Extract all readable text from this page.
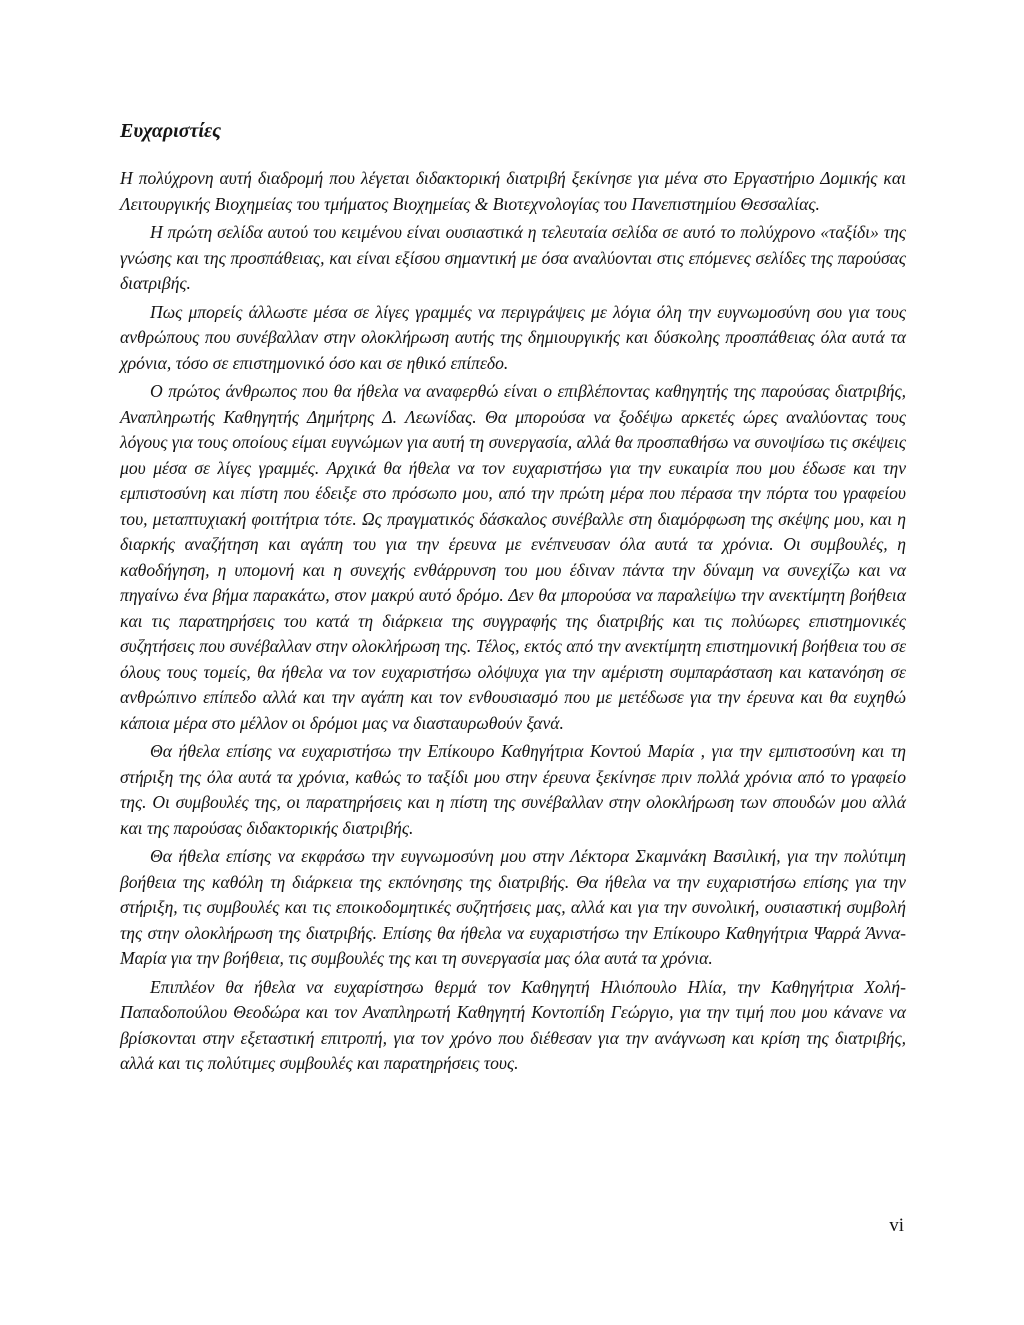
Ευχαριστίες

Η πολύχρονη αυτή διαδρομή που λέγεται διδακτορική διατριβή ξεκίνησε για μένα στο Εργαστήριο Δομικής και Λειτουργικής Βιοχημείας του τμήματος Βιοχημείας & Βιοτεχνολογίας του Πανεπιστημίου Θεσσαλίας.

Η πρώτη σελίδα αυτού του κειμένου είναι ουσιαστικά η τελευταία σελίδα σε αυτό το πολύχρονο «ταξίδι» της γνώσης και της προσπάθειας, και είναι εξίσου σημαντική με όσα αναλύονται στις επόμενες σελίδες της παρούσας διατριβής.

Πως μπορείς άλλωστε μέσα σε λίγες γραμμές να περιγράψεις με λόγια όλη την ευγνωμοσύνη σου για τους ανθρώπους που συνέβαλλαν στην ολοκλήρωση αυτής της δημιουργικής και δύσκολης προσπάθειας όλα αυτά τα χρόνια, τόσο σε επιστημονικό όσο και σε ηθικό επίπεδο.

Ο πρώτος άνθρωπος που θα ήθελα να αναφερθώ είναι ο επιβλέποντας καθηγητής της παρούσας διατριβής, Αναπληρωτής Καθηγητής Δημήτρης Δ. Λεωνίδας. Θα μπορούσα να ξοδέψω αρκετές ώρες αναλύοντας τους λόγους για τους οποίους είμαι ευγνώμων για αυτή τη συνεργασία, αλλά θα προσπαθήσω να συνοψίσω τις σκέψεις μου μέσα σε λίγες γραμμές. Αρχικά θα ήθελα να τον ευχαριστήσω για την ευκαιρία που μου έδωσε και την εμπιστοσύνη και πίστη που έδειξε στο πρόσωπο μου, από την πρώτη μέρα που πέρασα την πόρτα του γραφείου του, μεταπτυχιακή φοιτήτρια τότε. Ως πραγματικός δάσκαλος συνέβαλλε στη διαμόρφωση της σκέψης μου, και η διαρκής αναζήτηση και αγάπη του για την έρευνα με ενέπνευσαν όλα αυτά τα χρόνια. Οι συμβουλές, η καθοδήγηση, η υπομονή και η συνεχής ενθάρρυνση του μου έδιναν πάντα την δύναμη να συνεχίζω και να πηγαίνω ένα βήμα παρακάτω, στον μακρύ αυτό δρόμο. Δεν θα μπορούσα να παραλείψω την ανεκτίμητη βοήθεια και τις παρατηρήσεις του κατά τη διάρκεια της συγγραφής της διατριβής και τις πολύωρες επιστημονικές συζητήσεις που συνέβαλλαν στην ολοκλήρωση της. Τέλος, εκτός από την ανεκτίμητη επιστημονική βοήθεια του σε όλους τους τομείς, θα ήθελα να τον ευχαριστήσω ολόψυχα για την αμέριστη συμπαράσταση και κατανόηση σε ανθρώπινο επίπεδο αλλά και την αγάπη και τον ενθουσιασμό που με μετέδωσε για την έρευνα και θα ευχηθώ κάποια μέρα στο μέλλον οι δρόμοι μας να διασταυρωθούν ξανά.

Θα ήθελα επίσης να ευχαριστήσω την Επίκουρο Καθηγήτρια Κοντού Μαρία , για την εμπιστοσύνη και τη στήριξη της όλα αυτά τα χρόνια, καθώς το ταξίδι μου στην έρευνα ξεκίνησε πριν πολλά χρόνια από το γραφείο της. Οι συμβουλές της, οι παρατηρήσεις και η πίστη της συνέβαλλαν στην ολοκλήρωση των σπουδών μου αλλά και της παρούσας διδακτορικής διατριβής.

Θα ήθελα επίσης να εκφράσω την ευγνωμοσύνη μου στην Λέκτορα Σκαμνάκη Βασιλική, για την πολύτιμη βοήθεια της καθόλη τη διάρκεια της εκπόνησης της διατριβής. Θα ήθελα να την ευχαριστήσω επίσης για την στήριξη, τις συμβουλές και τις εποικοδομητικές συζητήσεις μας, αλλά και για την συνολική, ουσιαστική συμβολή της στην ολοκλήρωση της διατριβής. Επίσης θα ήθελα να ευχαριστήσω την Επίκουρο Καθηγήτρια Ψαρρά Άννα- Μαρία για την βοήθεια, τις συμβουλές της και τη συνεργασία μας όλα αυτά τα χρόνια.

Επιπλέον θα ήθελα να ευχαρίστησω θερμά τον Καθηγητή Ηλιόπουλο Ηλία, την Καθηγήτρια Χολή-Παπαδοπούλου Θεοδώρα και τον Αναπληρωτή Καθηγητή Κοντοπίδη Γεώργιο, για την τιμή που μου κάνανε να βρίσκονται στην εξεταστική επιτροπή, για τον χρόνο που διέθεσαν για την ανάγνωση και κρίση της διατριβής, αλλά και τις πολύτιμες συμβουλές και παρατηρήσεις τους.

vi
